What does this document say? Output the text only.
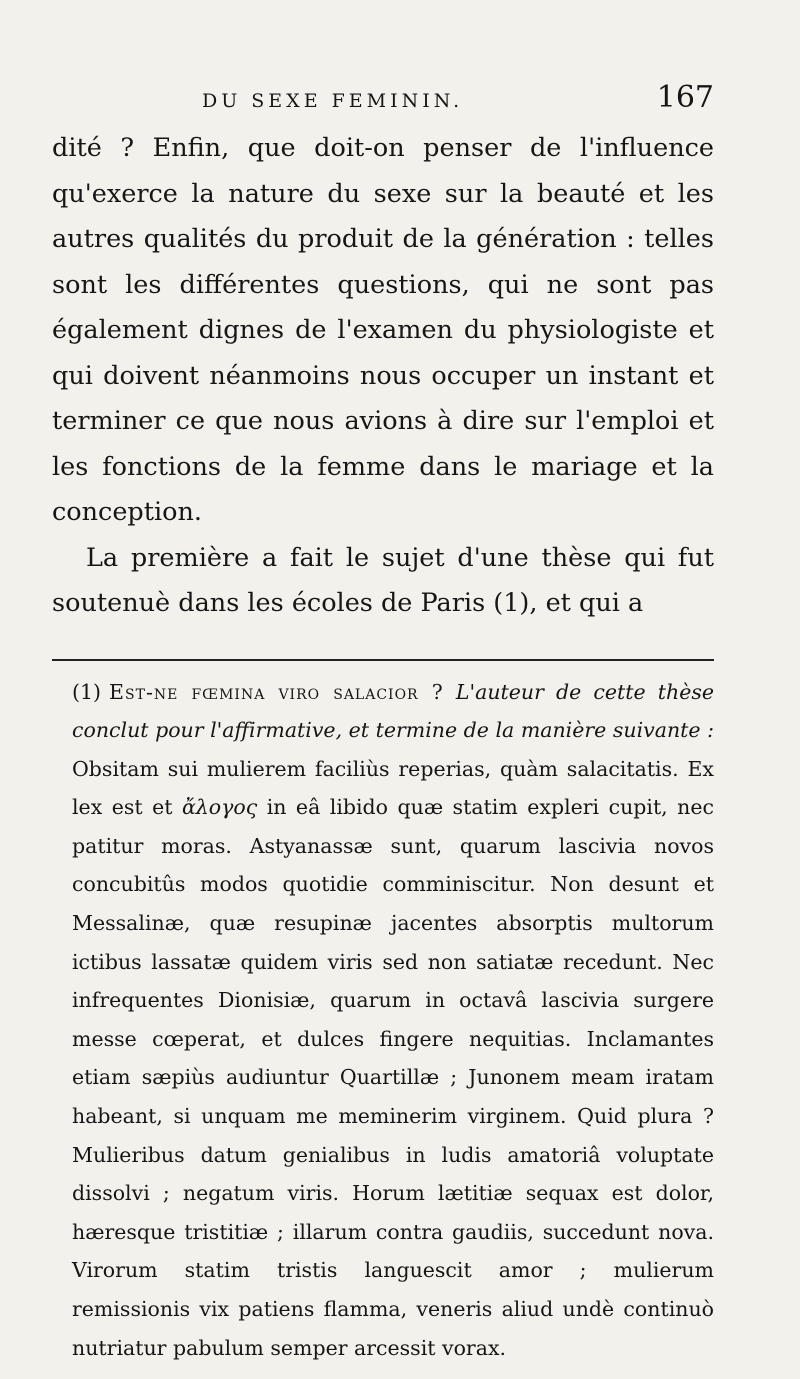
DU SEXE FEMININ.	167

dité ? Enfin, que doit-on penser de l'influence qu'exerce la nature du sexe sur la beauté et les autres qualités du produit de la génération : telles sont les différentes questions, qui ne sont pas également dignes de l'examen du physiologiste et qui doivent néanmoins nous occuper un instant et terminer ce que nous avions à dire sur l'emploi et les fonctions de la femme dans le mariage et la conception.

La première a fait le sujet d'une thèse qui fut soutenuè dans les écoles de Paris (1), et qui a

(1) Est-ne fœmina viro salacior ? L'auteur de cette thèse conclut pour l'affirmative, et termine de la manière suivante : Obsitam sui mulierem faciliùs reperias, quàm salacitatis. Ex lex est et ἄλογος in eâ libido quæ statim expleri cupit, nec patitur moras. Astyanassæ sunt, quarum lascivia novos concubitûs modos quotidie comminiscitur. Non desunt et Messalinæ, quæ resupinæ jacentes absorptis multorum ictibus lassatæ quidem viris sed non satiatæ recedunt. Nec infrequentes Dionisiæ, quarum in octavâ lascivia surgere messe cœperat, et dulces fingere nequitias. Inclamantes etiam sæpiùs audiuntur Quartillæ ; Junonem meam iratam habeant, si unquam me meminerim virginem. Quid plura ? Mulieribus datum genialibus in ludis amatoriâ voluptate dissolvi ; negatum viris. Horum lætitiæ sequax est dolor, hæresque tristitiæ ; illarum contra gaudiis, succedunt nova. Virorum statim tristis languescit amor ; mulierum remissionis vix patiens flamma, veneris aliud undè continuò nutriatur pabulum semper arcessit vorax.
